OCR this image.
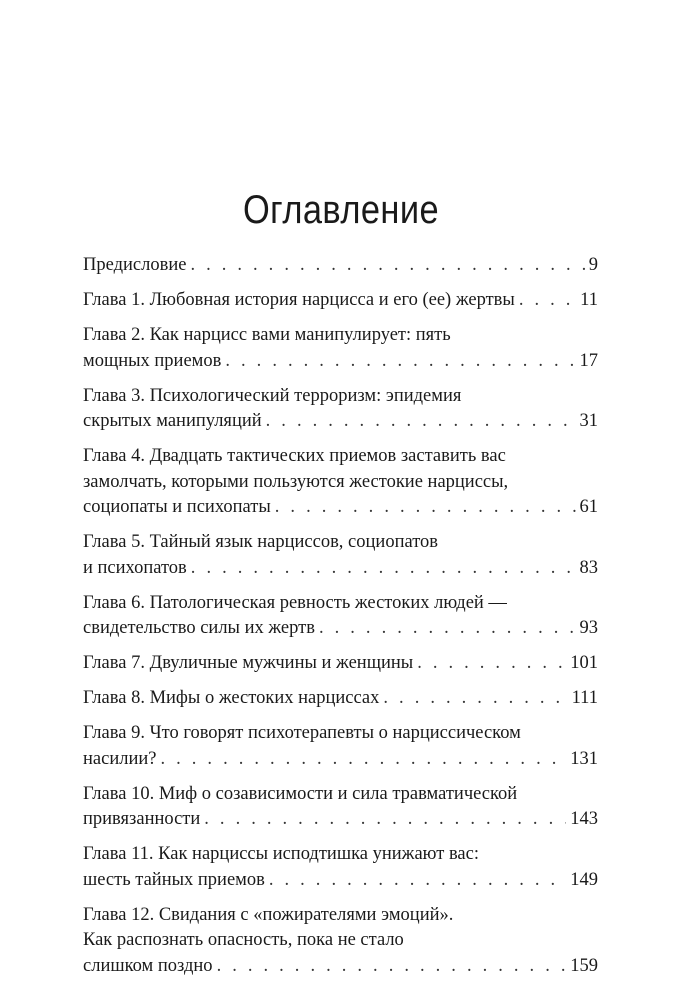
Оглавление
Предисловие . . .	9
Глава 1. Любовная история нарцисса и его (ее) жертвы . . .	11
Глава 2. Как нарцисс вами манипулирует: пять
мощных приемов . . .	17
Глава 3. Психологический терроризм: эпидемия
скрытых манипуляций . . .	31
Глава 4. Двадцать тактических приемов заставить вас
замолчать, которыми пользуются жестокие нарциссы,
социопаты и психопаты . . .	61
Глава 5. Тайный язык нарциссов, социопатов
и психопатов . . .	83
Глава 6. Патологическая ревность жестоких людей —
свидетельство силы их жертв . . .	93
Глава 7. Двуличные мужчины и женщины . . .	101
Глава 8. Мифы о жестоких нарциссах . . .	111
Глава 9. Что говорят психотерапевты о нарциссическом
насилии? . . .	131
Глава 10. Миф о созависимости и сила травматической
привязанности . . .	143
Глава 11. Как нарциссы исподтишка унижают вас:
шесть тайных приемов . . .	149
Глава 12. Свидания с «пожирателями эмоций».
Как распознать опасность, пока не стало
слишком поздно . . .	159
